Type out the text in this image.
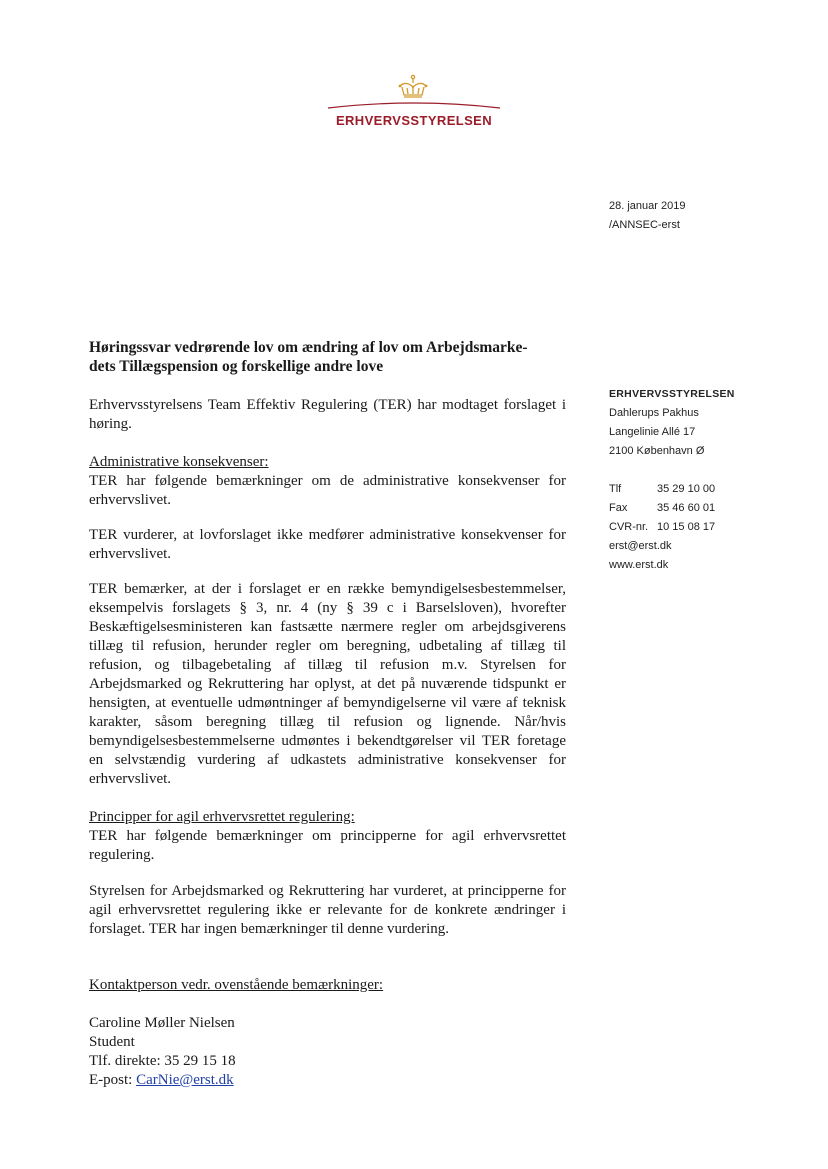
ERHVERVSSTYRELSEN
28. januar 2019
/ANNSEC-erst
ERHVERVSSTYRELSEN
Dahlerups Pakhus
Langelinie Allé 17
2100 København Ø
Tlf	35 29 10 00
Fax	35 46 60 01
CVR-nr. 10 15 08 17
erst@erst.dk
www.erst.dk
Høringssvar vedrørende lov om ændring af lov om Arbejdsmarke-
dets Tillægspension og forskellige andre love

Erhvervsstyrelsens Team Effektiv Regulering (TER) har modtaget forslaget i høring.

Administrative konsekvenser:

TER har følgende bemærkninger om de administrative konsekvenser for erhvervslivet.

TER vurderer, at lovforslaget ikke medfører administrative konsekvenser for erhvervslivet.

TER bemærker, at der i forslaget er en række bemyndigelsesbestemmelser, eksempelvis forslagets § 3, nr. 4 (ny § 39 c i Barselsloven), hvorefter Beskæftigelsesministeren kan fastsætte nærmere regler om arbejdsgiverens tillæg til refusion, herunder regler om beregning, udbetaling af tillæg til refusion, og tilbagebetaling af tillæg til refusion m.v. Styrelsen for Arbejdsmarked og Rekruttering har oplyst, at det på nuværende tidspunkt er hensigten, at eventuelle udmøntninger af bemyndigelserne vil være af teknisk karakter, såsom beregning tillæg til refusion og lignende. Når/hvis bemyndigelsesbestemmelserne udmøntes i bekendtgørelser vil TER foretage en selvstændig vurdering af udkastets administrative konsekvenser for erhvervslivet.

Principper for agil erhvervsrettet regulering:

TER har følgende bemærkninger om principperne for agil erhvervsrettet regulering.

Styrelsen for Arbejdsmarked og Rekruttering har vurderet, at principperne for agil erhvervsrettet regulering ikke er relevante for de konkrete ændringer i forslaget. TER har ingen bemærkninger til denne vurdering.

Kontaktperson vedr. ovenstående bemærkninger:
Caroline Møller Nielsen
Student
Tlf. direkte: 35 29 15 18
E-post: CarNie@erst.dk
